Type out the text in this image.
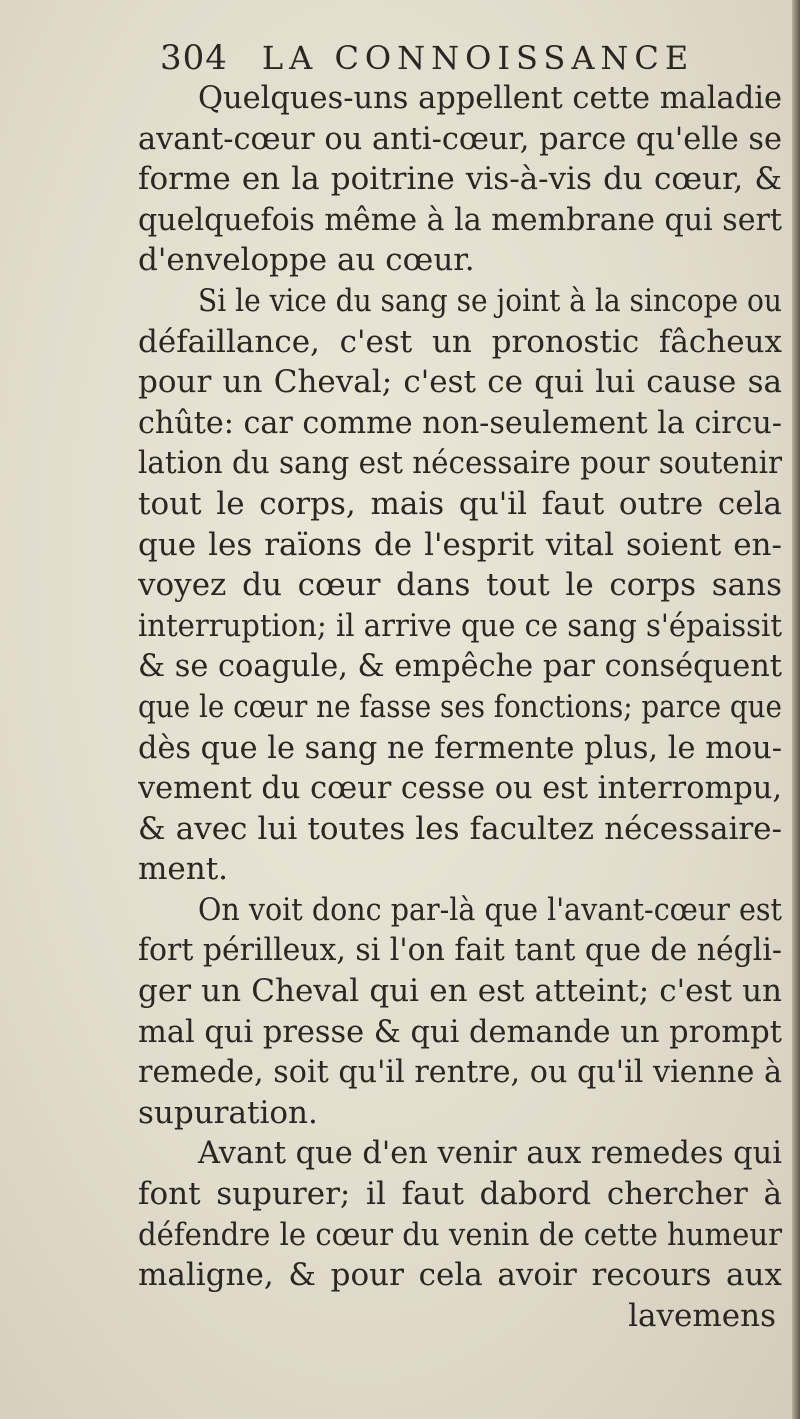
304 LA CONNOISSANCE
Quelques-uns appellent cette maladie
avant-cœur ou anti-cœur, parce qu'elle se
forme en la poitrine vis-à-vis du cœur, &
quelquefois même à la membrane qui sert
d'enveloppe au cœur.
Si le vice du sang se joint à la sincope ou
défaillance, c'est un pronostic fâcheux
pour un Cheval; c'est ce qui lui cause sa
chûte: car comme non-seulement la circu-
lation du sang est nécessaire pour soutenir
tout le corps, mais qu'il faut outre cela
que les raïons de l'esprit vital soient en-
voyez du cœur dans tout le corps sans
interruption; il arrive que ce sang s'épaissit
& se coagule, & empêche par conséquent
que le cœur ne fasse ses fonctions; parce que
dès que le sang ne fermente plus, le mou-
vement du cœur cesse ou est interrompu,
& avec lui toutes les facultez nécessaire-
ment.
On voit donc par-là que l'avant-cœur est
fort périlleux, si l'on fait tant que de négli-
ger un Cheval qui en est atteint; c'est un
mal qui presse & qui demande un prompt
remede, soit qu'il rentre, ou qu'il vienne à
supuration.
Avant que d'en venir aux remedes qui
font supurer; il faut dabord chercher à
défendre le cœur du venin de cette humeur
maligne, & pour cela avoir recours aux
lavemens
